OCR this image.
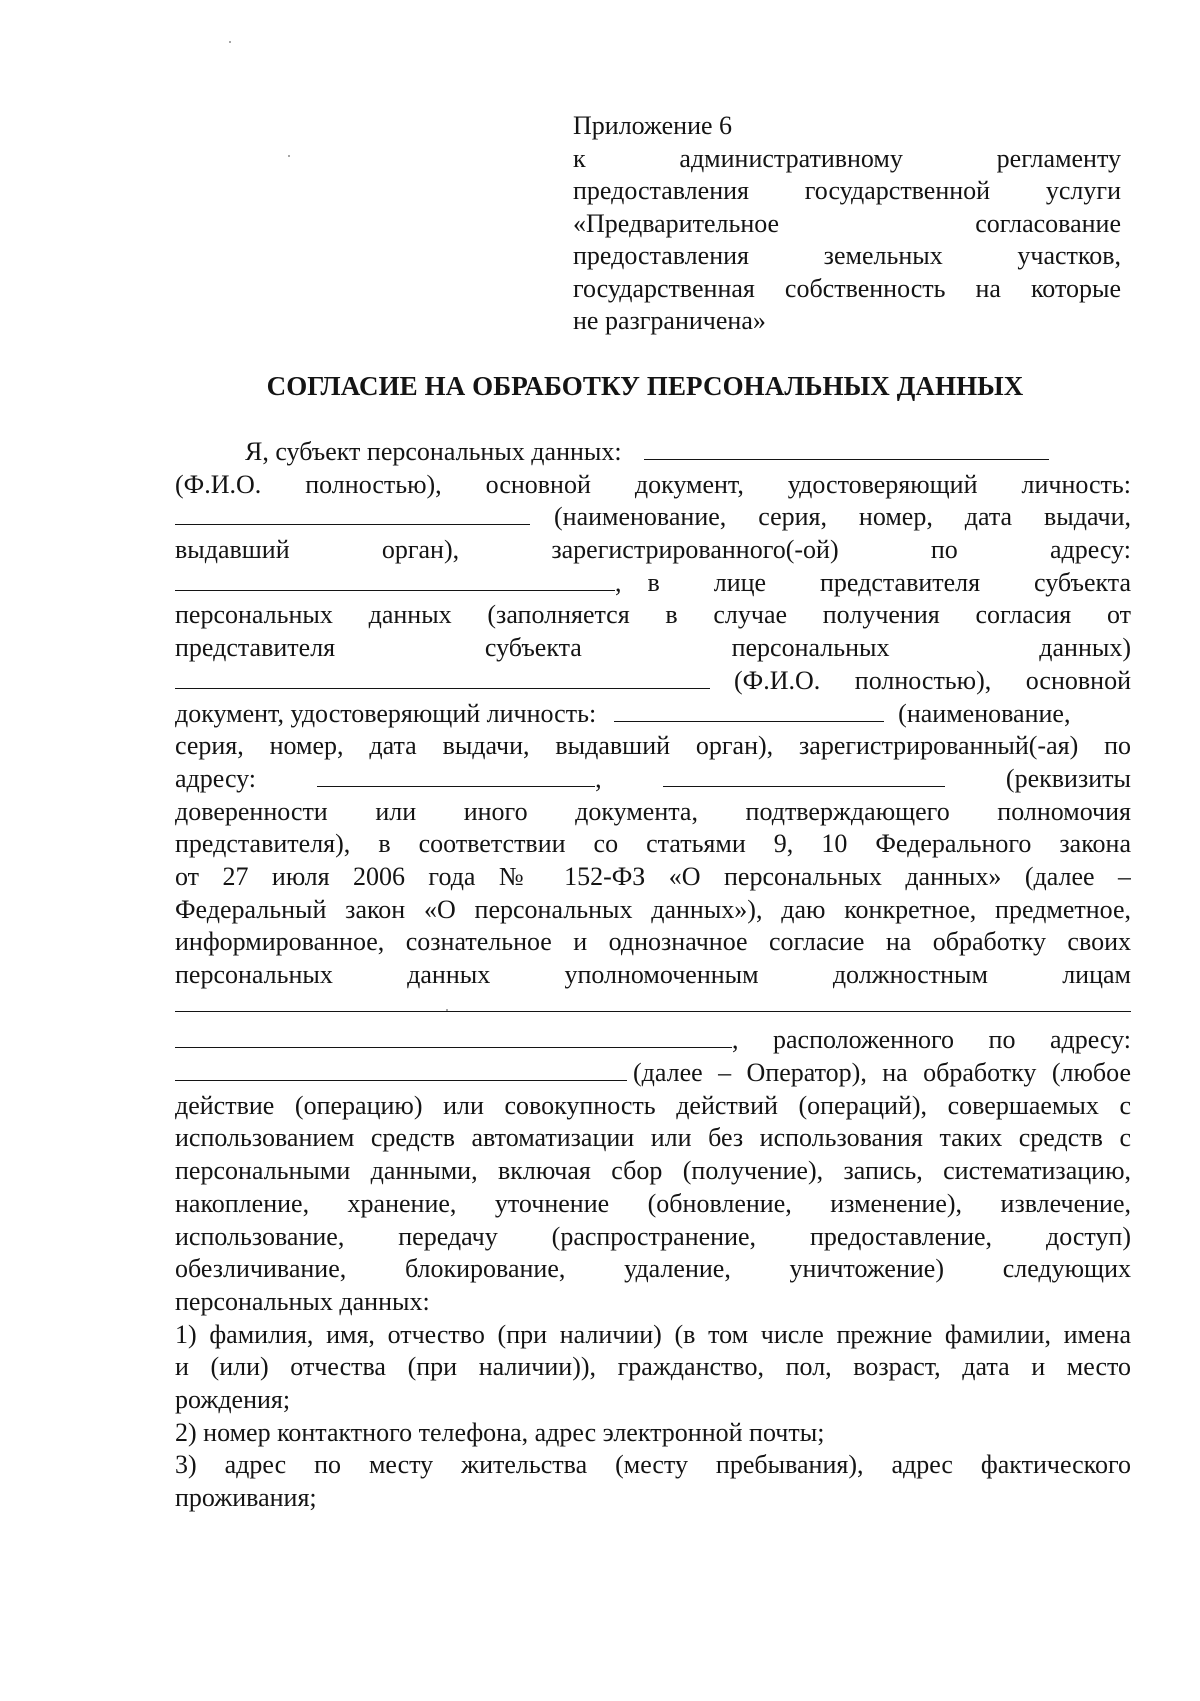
Приложение 6
к административному регламенту
предоставления государственной услуги
«Предварительное согласование
предоставления земельных участков,
государственная собственность на которые
не разграничена»
СОГЛАСИЕ НА ОБРАБОТКУ ПЕРСОНАЛЬНЫХ ДАННЫХ
Я, субъект персональных данных:
(Ф.И.О. полностью), основной документ, удостоверяющий личность:
(наименование, серия, номер, дата выдачи,
выдавший орган), зарегистрированного(-ой) по адресу:
, в лице представителя субъекта
персональных данных (заполняется в случае получения согласия от
представителя субъекта персональных данных)
(Ф.И.О. полностью), основной
документ, удостоверяющий личность:	(наименование,
серия, номер, дата выдачи, выдавший орган), зарегистрированный(-ая) по
адресу:	,	(реквизиты
доверенности или иного документа, подтверждающего полномочия
представителя), в соответствии со статьями 9, 10 Федерального закона
от 27 июля 2006 года № 152-ФЗ «О персональных данных» (далее –
Федеральный закон «О персональных данных»), даю конкретное, предметное,
информированное, сознательное и однозначное согласие на обработку своих
персональных данных уполномоченным должностным лицам
, расположенного по адресу:
(далее – Оператор), на обработку (любое
действие (операцию) или совокупность действий (операций), совершаемых с
использованием средств автоматизации или без использования таких средств с
персональными данными, включая сбор (получение), запись, систематизацию,
накопление, хранение, уточнение (обновление, изменение), извлечение,
использование, передачу (распространение, предоставление, доступ)
обезличивание, блокирование, удаление, уничтожение) следующих
персональных данных:
1) фамилия, имя, отчество (при наличии) (в том числе прежние фамилии, имена
и (или) отчества (при наличии)), гражданство, пол, возраст, дата и место
рождения;
2) номер контактного телефона, адрес электронной почты;
3) адрес по месту жительства (месту пребывания), адрес фактического
проживания;
